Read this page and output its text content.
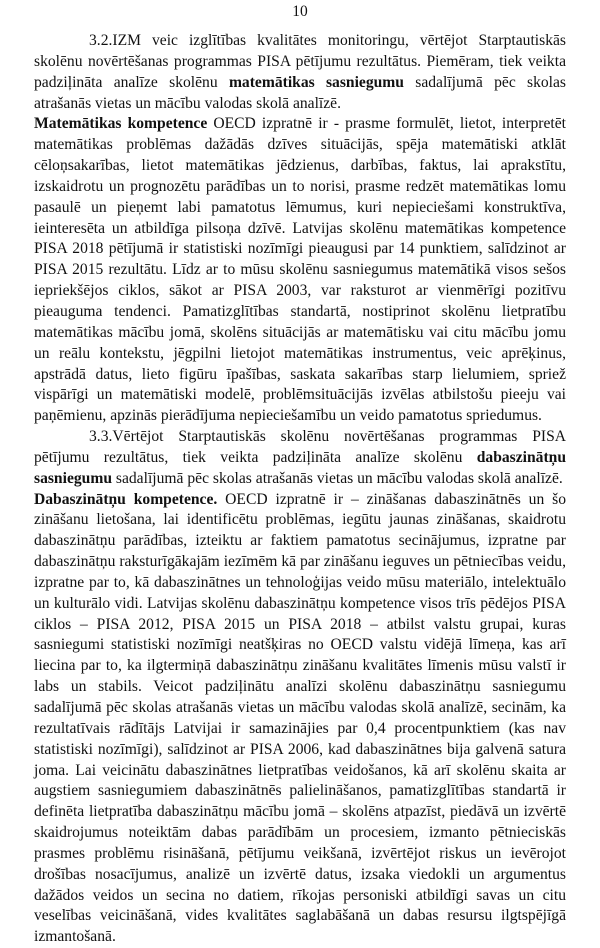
10

3.2.IZM veic izglītības kvalitātes monitoringu, vērtējot Starptautiskās skolēnu novērtēšanas programmas PISA pētījumu rezultātus. Piemēram, tiek veikta padziļināta analīze skolēnu matemātikas sasniegumu sadalījumā pēc skolas atrašanās vietas un mācību valodas skolā analīzē.

Matemātikas kompetence OECD izpratnē ir - prasme formulēt, lietot, interpretēt matemātikas problēmas dažādās dzīves situācijās, spēja matemātiski atklāt cēloņsakarības, lietot matemātikas jēdzienus, darbības, faktus, lai aprakstītu, izskaidrotu un prognozētu parādības un to norisi, prasme redzēt matemātikas lomu pasaulē un pieņemt labi pamatotus lēmumus, kuri nepieciešami konstruktīva, ieinteresēta un atbildīga pilsoņa dzīvē. Latvijas skolēnu matemātikas kompetence PISA 2018 pētījumā ir statistiski nozīmīgi pieaugusi par 14 punktiem, salīdzinot ar PISA 2015 rezultātu. Līdz ar to mūsu skolēnu sasniegumus matemātikā visos sešos iepriekšējos ciklos, sākot ar PISA 2003, var raksturot ar vienmērīgi pozitīvu pieauguma tendenci. Pamatizglītības standartā, nostiprinot skolēnu lietpratību matemātikas mācību jomā, skolēns situācijās ar matemātisku vai citu mācību jomu un reālu kontekstu, jēgpilni lietojot matemātikas instrumentus, veic aprēķinus, apstrādā datus, lieto figūru īpašības, saskata sakarības starp lielumiem, spriež vispārīgi un matemātiski modelē, problēmsituācijās izvēlas atbilstošu pieeju vai paņēmienu, apzinās pierādījuma nepieciešamību un veido pamatotus spriedumus.

3.3.Vērtējot Starptautiskās skolēnu novērtēšanas programmas PISA pētījumu rezultātus, tiek veikta padziļināta analīze skolēnu dabaszinātņu sasniegumu sadalījumā pēc skolas atrašanās vietas un mācību valodas skolā analīzē.

Dabaszinātņu kompetence. OECD izpratnē ir – zināšanas dabaszinātnēs un šo zināšanu lietošana, lai identificētu problēmas, iegūtu jaunas zināšanas, skaidrotu dabaszinātņu parādības, izteiktu ar faktiem pamatotus secinājumus, izpratne par dabaszinātņu raksturīgākajām iezīmēm kā par zināšanu ieguves un pētniecības veidu, izpratne par to, kā dabaszinātnes un tehnoloģijas veido mūsu materiālo, intelektuālo un kulturālo vidi. Latvijas skolēnu dabaszinātņu kompetence visos trīs pēdējos PISA ciklos – PISA 2012, PISA 2015 un PISA 2018 – atbilst valstu grupai, kuras sasniegumi statistiski nozīmīgi neatšķiras no OECD valstu vidējā līmeņa, kas arī liecina par to, ka ilgtermiņā dabaszinātņu zināšanu kvalitātes līmenis mūsu valstī ir labs un stabils. Veicot padziļinātu analīzi skolēnu dabaszinātņu sasniegumu sadalījumā pēc skolas atrašanās vietas un mācību valodas skolā analīzē, secinām, ka rezultatīvais rādītājs Latvijai ir samazinājies par 0,4 procentpunktiem (kas nav statistiski nozīmīgi), salīdzinot ar PISA 2006, kad dabaszinātnes bija galvenā satura joma. Lai veicinātu dabaszinātnes lietpratības veidošanos, kā arī skolēnu skaita ar augstiem sasniegumiem dabaszinātnēs palielināšanos, pamatizglītības standartā ir definēta lietpratība dabaszinātņu mācību jomā – skolēns atpazīst, piedāvā un izvērtē skaidrojumus noteiktām dabas parādībām un procesiem, izmanto pētnieciskās prasmes problēmu risināšanā, pētījumu veikšanā, izvērtējot riskus un ievērojot drošības nosacījumus, analizē un izvērtē datus, izsaka viedokli un argumentus dažādos veidos un secina no datiem, rīkojas personiski atbildīgi savas un citu veselības veicināšanā, vides kvalitātes saglabāšanā un dabas resursu ilgtspējīgā izmantošanā.
